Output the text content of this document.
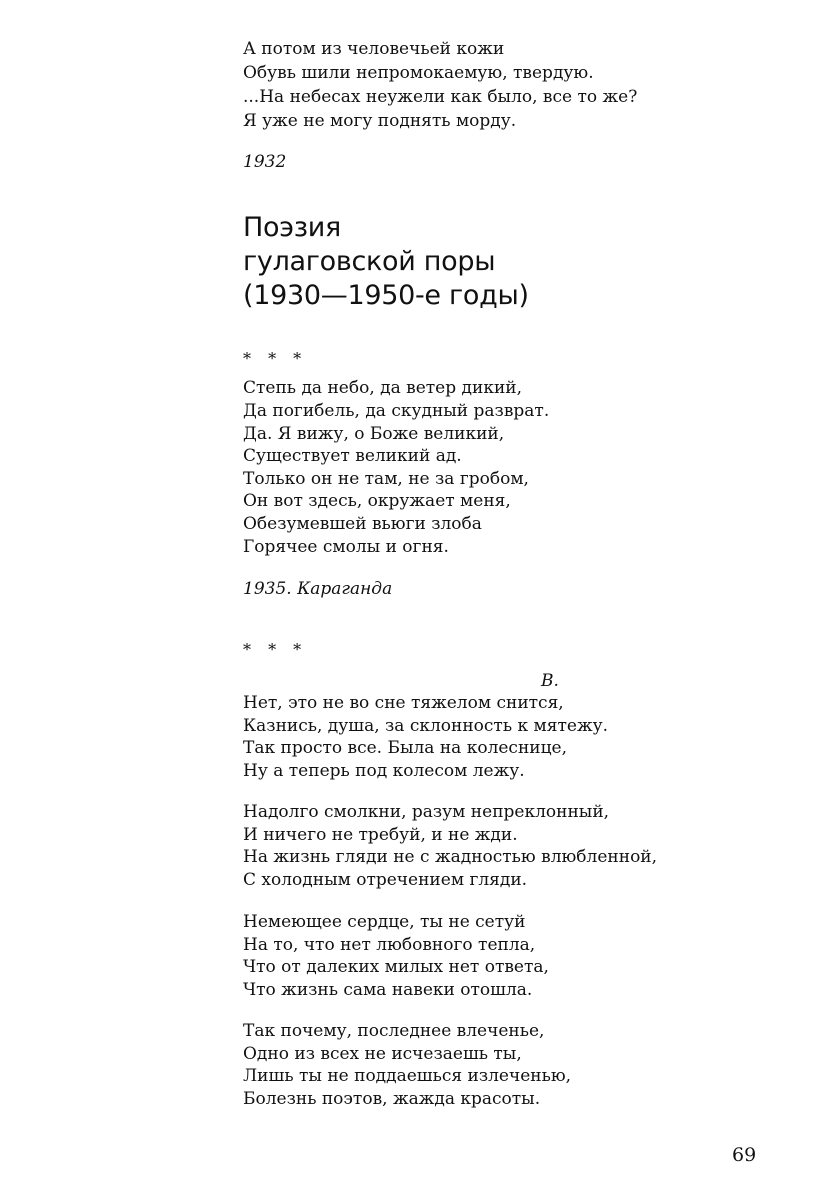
А потом из человечьей кожи
Обувь шили непромокаемую, твердую.
...На небесах неужели как было, все то же?
Я уже не могу поднять морду.
1932
Поэзия
гулаговской поры
(1930—1950-е годы)
* * *
Степь да небо, да ветер дикий,
Да погибель, да скудный разврат.
Да. Я вижу, о Боже великий,
Существует великий ад.
Только он не там, не за гробом,
Он вот здесь, окружает меня,
Обезумевшей вьюги злоба
Горячее смолы и огня.
1935. Караганда
* * *
В.
Нет, это не во сне тяжелом снится,
Казнись, душа, за склонность к мятежу.
Так просто все. Была на колеснице,
Ну а теперь под колесом лежу.
Надолго смолкни, разум непреклонный,
И ничего не требуй, и не жди.
На жизнь гляди не с жадностью влюбленной,
С холодным отречением гляди.
Немеющее сердце, ты не сетуй
На то, что нет любовного тепла,
Что от далеких милых нет ответа,
Что жизнь сама навеки отошла.
Так почему, последнее влеченье,
Одно из всех не исчезаешь ты,
Лишь ты не поддаешься излеченью,
Болезнь поэтов, жажда красоты.
69
